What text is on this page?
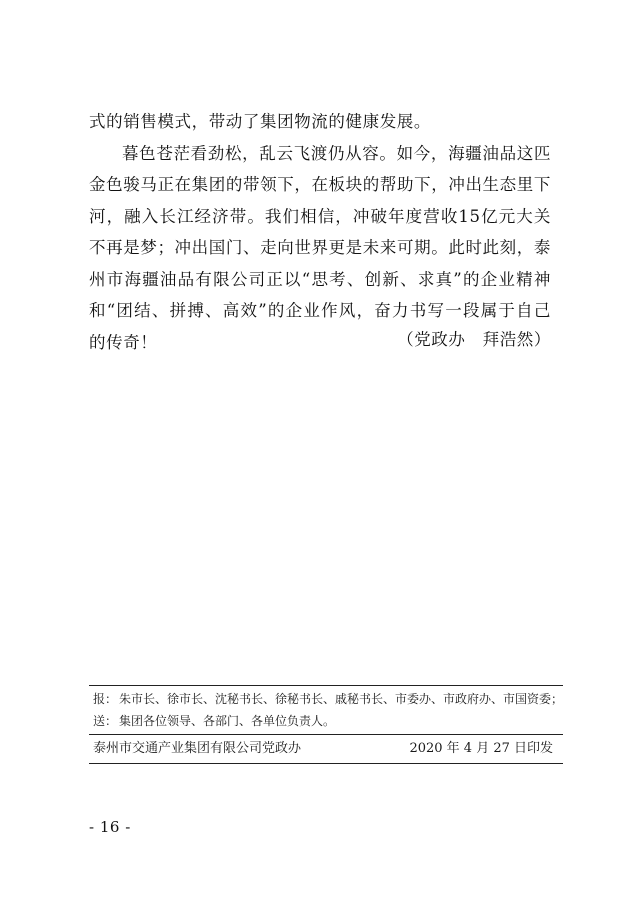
式的销售模式，带动了集团物流的健康发展。

暮色苍茫看劲松，乱云飞渡仍从容。如今，海疆油品这匹金色骏马正在集团的带领下，在板块的帮助下，冲出生态里下河，融入长江经济带。我们相信，冲破年度营收15亿元大关不再是梦；冲出国门、走向世界更是未来可期。此时此刻，泰州市海疆油品有限公司正以“思考、创新、求真”的企业精神和“团结、拼搏、高效”的企业作风，奋力书写一段属于自己的传奇！	（党政办　拜浩然）
报： 朱市长、徐市长、沈秘书长、徐秘书长、戚秘书长、市委办、市政府办、市国资委；
送： 集团各位领导、各部门、各单位负责人。
泰州市交通产业集团有限公司党政办	2020 年 4 月 27 日印发
- 16 -
